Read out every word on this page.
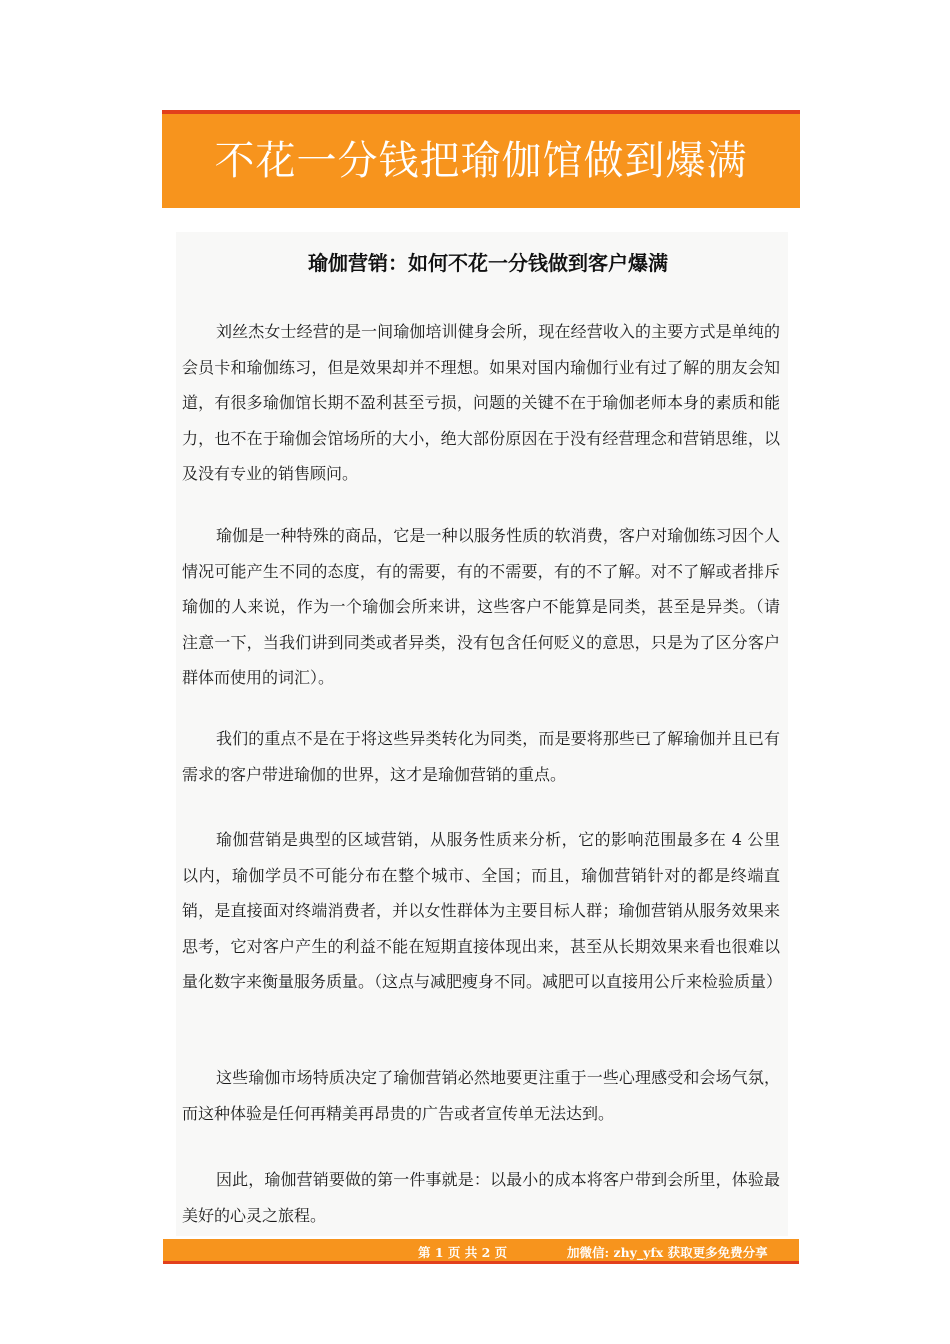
不花一分钱把瑜伽馆做到爆满
瑜伽营销：如何不花一分钱做到客户爆满

刘丝杰女士经营的是一间瑜伽培训健身会所，现在经营收入的主要方式是单纯的会员卡和瑜伽练习，但是效果却并不理想。如果对国内瑜伽行业有过了解的朋友会知道，有很多瑜伽馆长期不盈利甚至亏损，问题的关键不在于瑜伽老师本身的素质和能力，也不在于瑜伽会馆场所的大小，绝大部份原因在于没有经营理念和营销思维，以及没有专业的销售顾问。

瑜伽是一种特殊的商品，它是一种以服务性质的软消费，客户对瑜伽练习因个人情况可能产生不同的态度，有的需要，有的不需要，有的不了解。对不了解或者排斥瑜伽的人来说，作为一个瑜伽会所来讲，这些客户不能算是同类，甚至是异类。（请注意一下，当我们讲到同类或者异类，没有包含任何贬义的意思，只是为了区分客户群体而使用的词汇）。

我们的重点不是在于将这些异类转化为同类，而是要将那些已了解瑜伽并且已有需求的客户带进瑜伽的世界，这才是瑜伽营销的重点。

瑜伽营销是典型的区域营销，从服务性质来分析，它的影响范围最多在 4 公里以内，瑜伽学员不可能分布在整个城市、全国；而且，瑜伽营销针对的都是终端直销，是直接面对终端消费者，并以女性群体为主要目标人群；瑜伽营销从服务效果来思考，它对客户产生的利益不能在短期直接体现出来，甚至从长期效果来看也很难以量化数字来衡量服务质量。（这点与减肥瘦身不同。减肥可以直接用公斤来检验质量）

这些瑜伽市场特质决定了瑜伽营销必然地要更注重于一些心理感受和会场气氛，而这种体验是任何再精美再昂贵的广告或者宣传单无法达到。

因此，瑜伽营销要做的第一件事就是：以最小的成本将客户带到会所里，体验最美好的心灵之旅程。

第 1 页 共 2 页	加微信: zhy_yfx 获取更多免费分享
